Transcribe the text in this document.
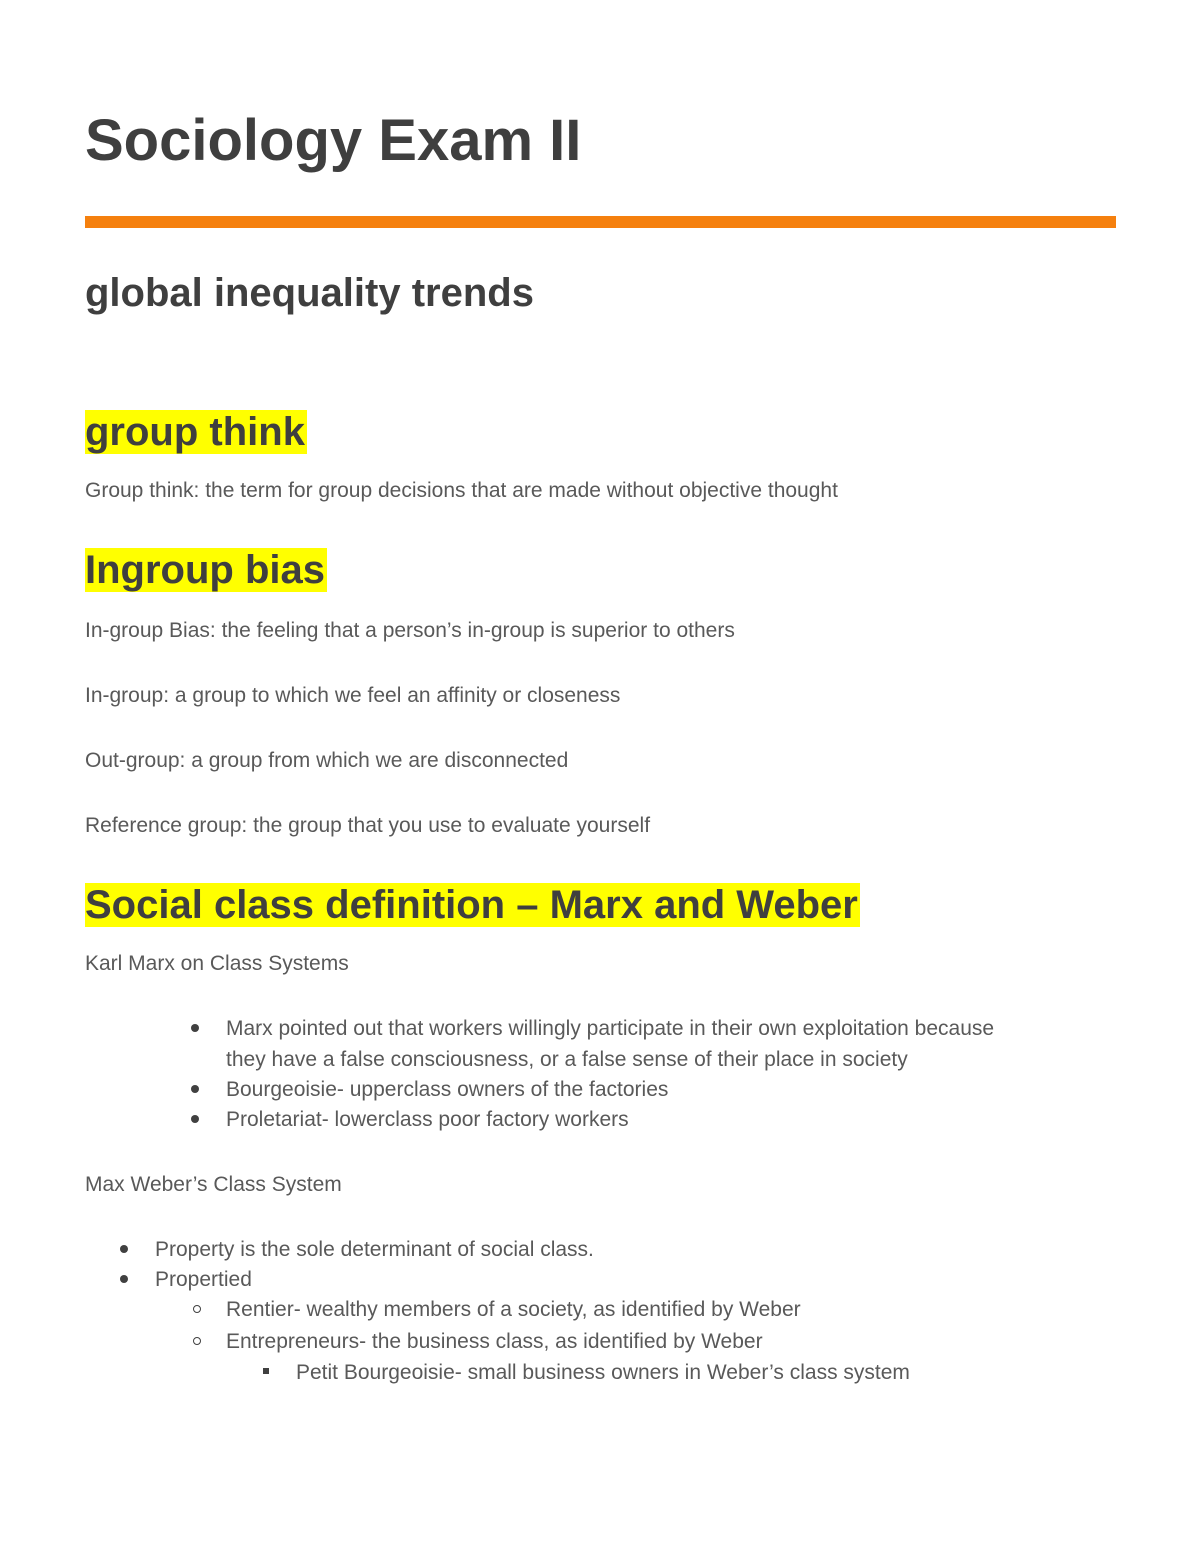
Sociology Exam II
global inequality trends
group think
Group think: the term for group decisions that are made without objective thought
Ingroup bias
In-group Bias: the feeling that a person’s in-group is superior to others
In-group: a group to which we feel an affinity or closeness
Out-group: a group from which we are disconnected
Reference group: the group that you use to evaluate yourself
Social class definition – Marx and Weber
Karl Marx on Class Systems
Marx pointed out that workers willingly participate in their own exploitation because
they have a false consciousness, or a false sense of their place in society
Bourgeoisie- upperclass owners of the factories
Proletariat- lowerclass poor factory workers
Max Weber’s Class System
Property is the sole determinant of social class.
Propertied
Rentier- wealthy members of a society, as identified by Weber
Entrepreneurs- the business class, as identified by Weber
Petit Bourgeoisie- small business owners in Weber’s class system
